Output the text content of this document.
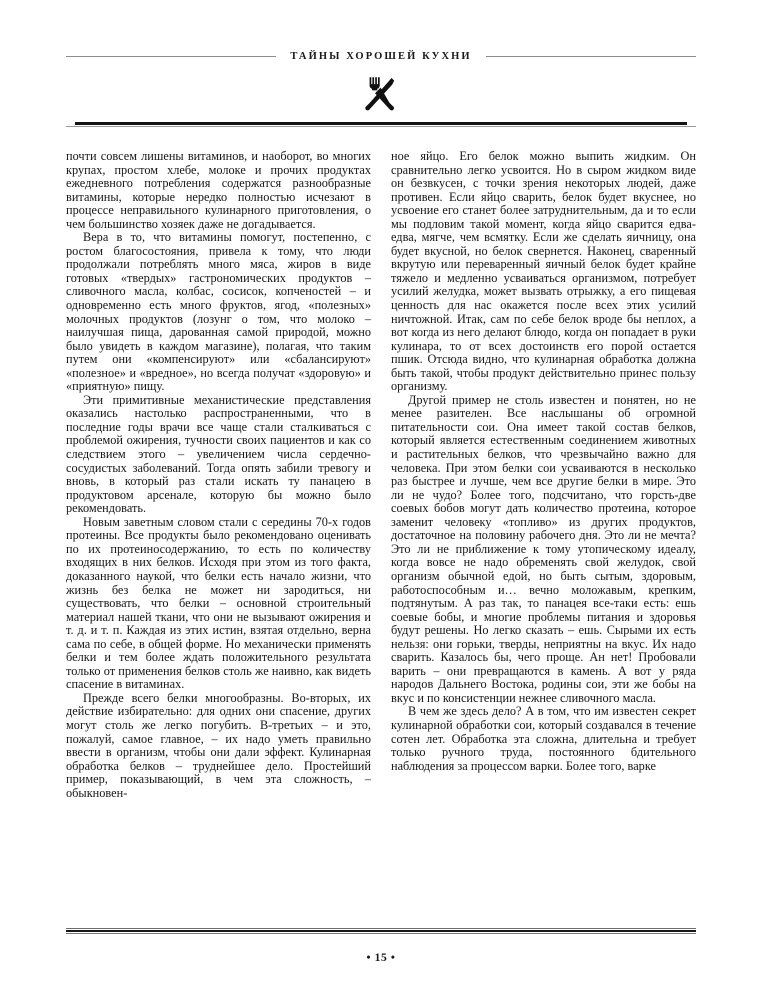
ТАЙНЫ ХОРОШЕЙ КУХНИ

почти совсем лишены витаминов, и наоборот, во многих крупах, простом хлебе, молоке и прочих продуктах ежедневного потребления содержатся разнообразные витамины, которые нередко полностью исчезают в процессе неправильного кулинарного приготовления, о чем большинство хозяек даже не догадывается.

Вера в то, что витамины помогут, постепенно, с ростом благосостояния, привела к тому, что люди продолжали потреблять много мяса, жиров в виде готовых «твердых» гастрономических продуктов – сливочного масла, колбас, сосисок, копченостей – и одновременно есть много фруктов, ягод, «полезных» молочных продуктов (лозунг о том, что молоко – наилучшая пища, дарованная самой природой, можно было увидеть в каждом магазине), полагая, что таким путем они «компенсируют» или «сбалансируют» «полезное» и «вредное», но всегда получат «здоровую» и «приятную» пищу.

Эти примитивные механистические представления оказались настолько распространенными, что в последние годы врачи все чаще стали сталкиваться с проблемой ожирения, тучности своих пациентов и как со следствием этого – увеличением числа сердечно-сосудистых заболеваний. Тогда опять забили тревогу и вновь, в который раз стали искать ту панацею в продуктовом арсенале, которую бы можно было рекомендовать.

Новым заветным словом стали с середины 70-х годов протеины. Все продукты было рекомендовано оценивать по их протеиносодержанию, то есть по количеству входящих в них белков. Исходя при этом из того факта, доказанного наукой, что белки есть начало жизни, что жизнь без белка не может ни зародиться, ни существовать, что белки – основной строительный материал нашей ткани, что они не вызывают ожирения и т. д. и т. п. Каждая из этих истин, взятая отдельно, верна сама по себе, в общей форме. Но механически применять белки и тем более ждать положительного результата только от применения белков столь же наивно, как видеть спасение в витаминах.

Прежде всего белки многообразны. Во-вторых, их действие избирательно: для одних они спасение, других могут столь же легко погубить. В-третьих – и это, пожалуй, самое главное, – их надо уметь правильно ввести в организм, чтобы они дали эффект. Кулинарная обработка белков – труднейшее дело. Простейший пример, показывающий, в чем эта сложность, – обыкновен-

ное яйцо. Его белок можно выпить жидким. Он сравнительно легко усвоится. Но в сыром жидком виде он безвкусен, с точки зрения некоторых людей, даже противен. Если яйцо сварить, белок будет вкуснее, но усвоение его станет более затруднительным, да и то если мы подловим такой момент, когда яйцо сварится едва-едва, мягче, чем всмятку. Если же сделать яичницу, она будет вкусной, но белок свернется. Наконец, сваренный вкрутую или переваренный яичный белок будет крайне тяжело и медленно усваиваться организмом, потребует усилий желудка, может вызвать отрыжку, а его пищевая ценность для нас окажется после всех этих усилий ничтожной. Итак, сам по себе белок вроде бы неплох, а вот когда из него делают блюдо, когда он попадает в руки кулинара, то от всех достоинств его порой остается пшик. Отсюда видно, что кулинарная обработка должна быть такой, чтобы продукт действительно принес пользу организму.

Другой пример не столь известен и понятен, но не менее разителен. Все наслышаны об огромной питательности сои. Она имеет такой состав белков, который является естественным соединением животных и растительных белков, что чрезвычайно важно для человека. При этом белки сои усваиваются в несколько раз быстрее и лучше, чем все другие белки в мире. Это ли не чудо? Более того, подсчитано, что горсть-две соевых бобов могут дать количество протеина, которое заменит человеку «топливо» из других продуктов, достаточное на половину рабочего дня. Это ли не мечта? Это ли не приближение к тому утопическому идеалу, когда вовсе не надо обременять свой желудок, свой организм обычной едой, но быть сытым, здоровым, работоспособным и… вечно моложавым, крепким, подтянутым. А раз так, то панацея все-таки есть: ешь соевые бобы, и многие проблемы питания и здоровья будут решены. Но легко сказать – ешь. Сырыми их есть нельзя: они горьки, тверды, неприятны на вкус. Их надо сварить. Казалось бы, чего проще. Ан нет! Пробовали варить – они превращаются в камень. А вот у ряда народов Дальнего Востока, родины сои, эти же бобы на вкус и по консистенции нежнее сливочного масла.

В чем же здесь дело? А в том, что им известен секрет кулинарной обработки сои, который создавался в течение сотен лет. Обработка эта сложна, длительна и требует только ручного труда, постоянного бдительного наблюдения за процессом варки. Более того, варке

• 15 •
